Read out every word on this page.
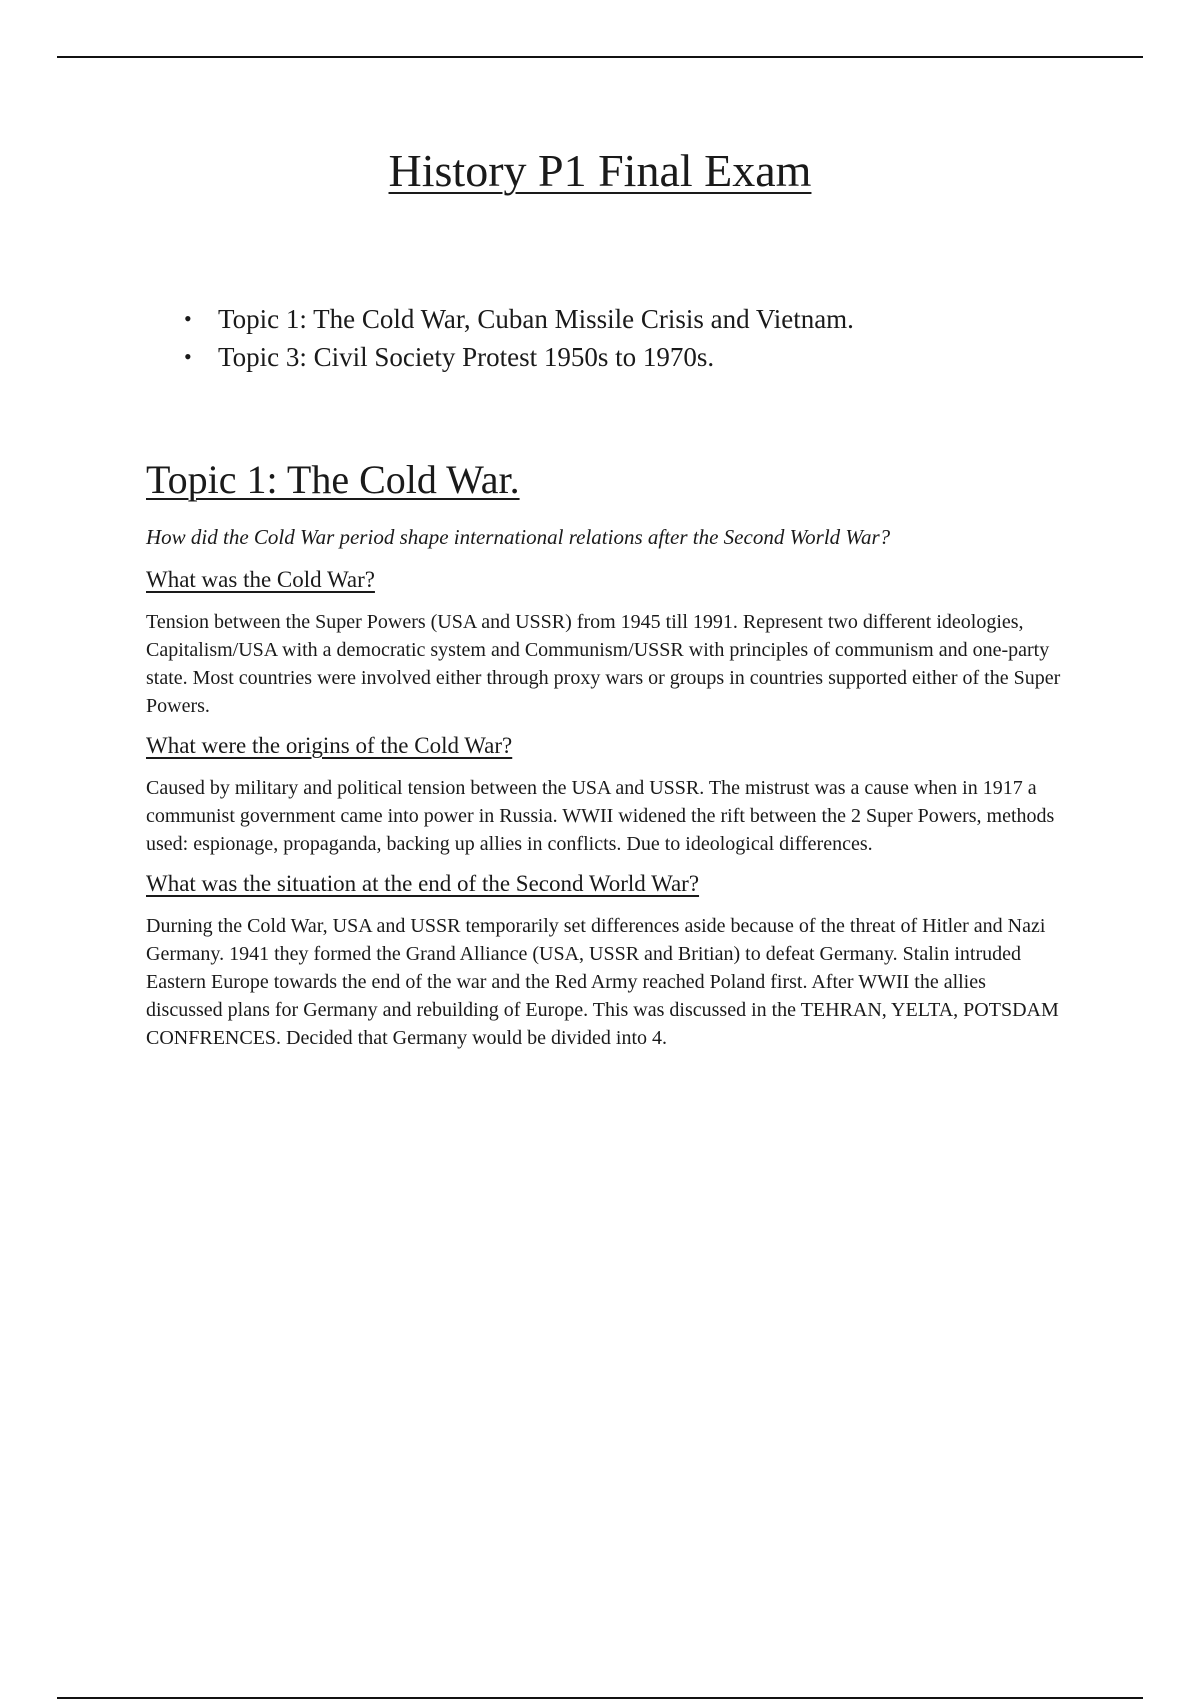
History P1 Final Exam
• Topic 1: The Cold War, Cuban Missile Crisis and Vietnam.
• Topic 3: Civil Society Protest 1950s to 1970s.
Topic 1: The Cold War.

How did the Cold War period shape international relations after the Second World War?

What was the Cold War?

Tension between the Super Powers (USA and USSR) from 1945 till 1991. Represent two different ideologies, Capitalism/USA with a democratic system and Communism/USSR with principles of communism and one-party state. Most countries were involved either through proxy wars or groups in countries supported either of the Super Powers.

What were the origins of the Cold War?

Caused by military and political tension between the USA and USSR. The mistrust was a cause when in 1917 a communist government came into power in Russia. WWII widened the rift between the 2 Super Powers, methods used: espionage, propaganda, backing up allies in conflicts. Due to ideological differences.

What was the situation at the end of the Second World War?

Durning the Cold War, USA and USSR temporarily set differences aside because of the threat of Hitler and Nazi Germany. 1941 they formed the Grand Alliance (USA, USSR and Britian) to defeat Germany. Stalin intruded Eastern Europe towards the end of the war and the Red Army reached Poland first. After WWII the allies discussed plans for Germany and rebuilding of Europe. This was discussed in the TEHRAN, YELTA, POTSDAM CONFRENCES. Decided that Germany would be divided into 4.
